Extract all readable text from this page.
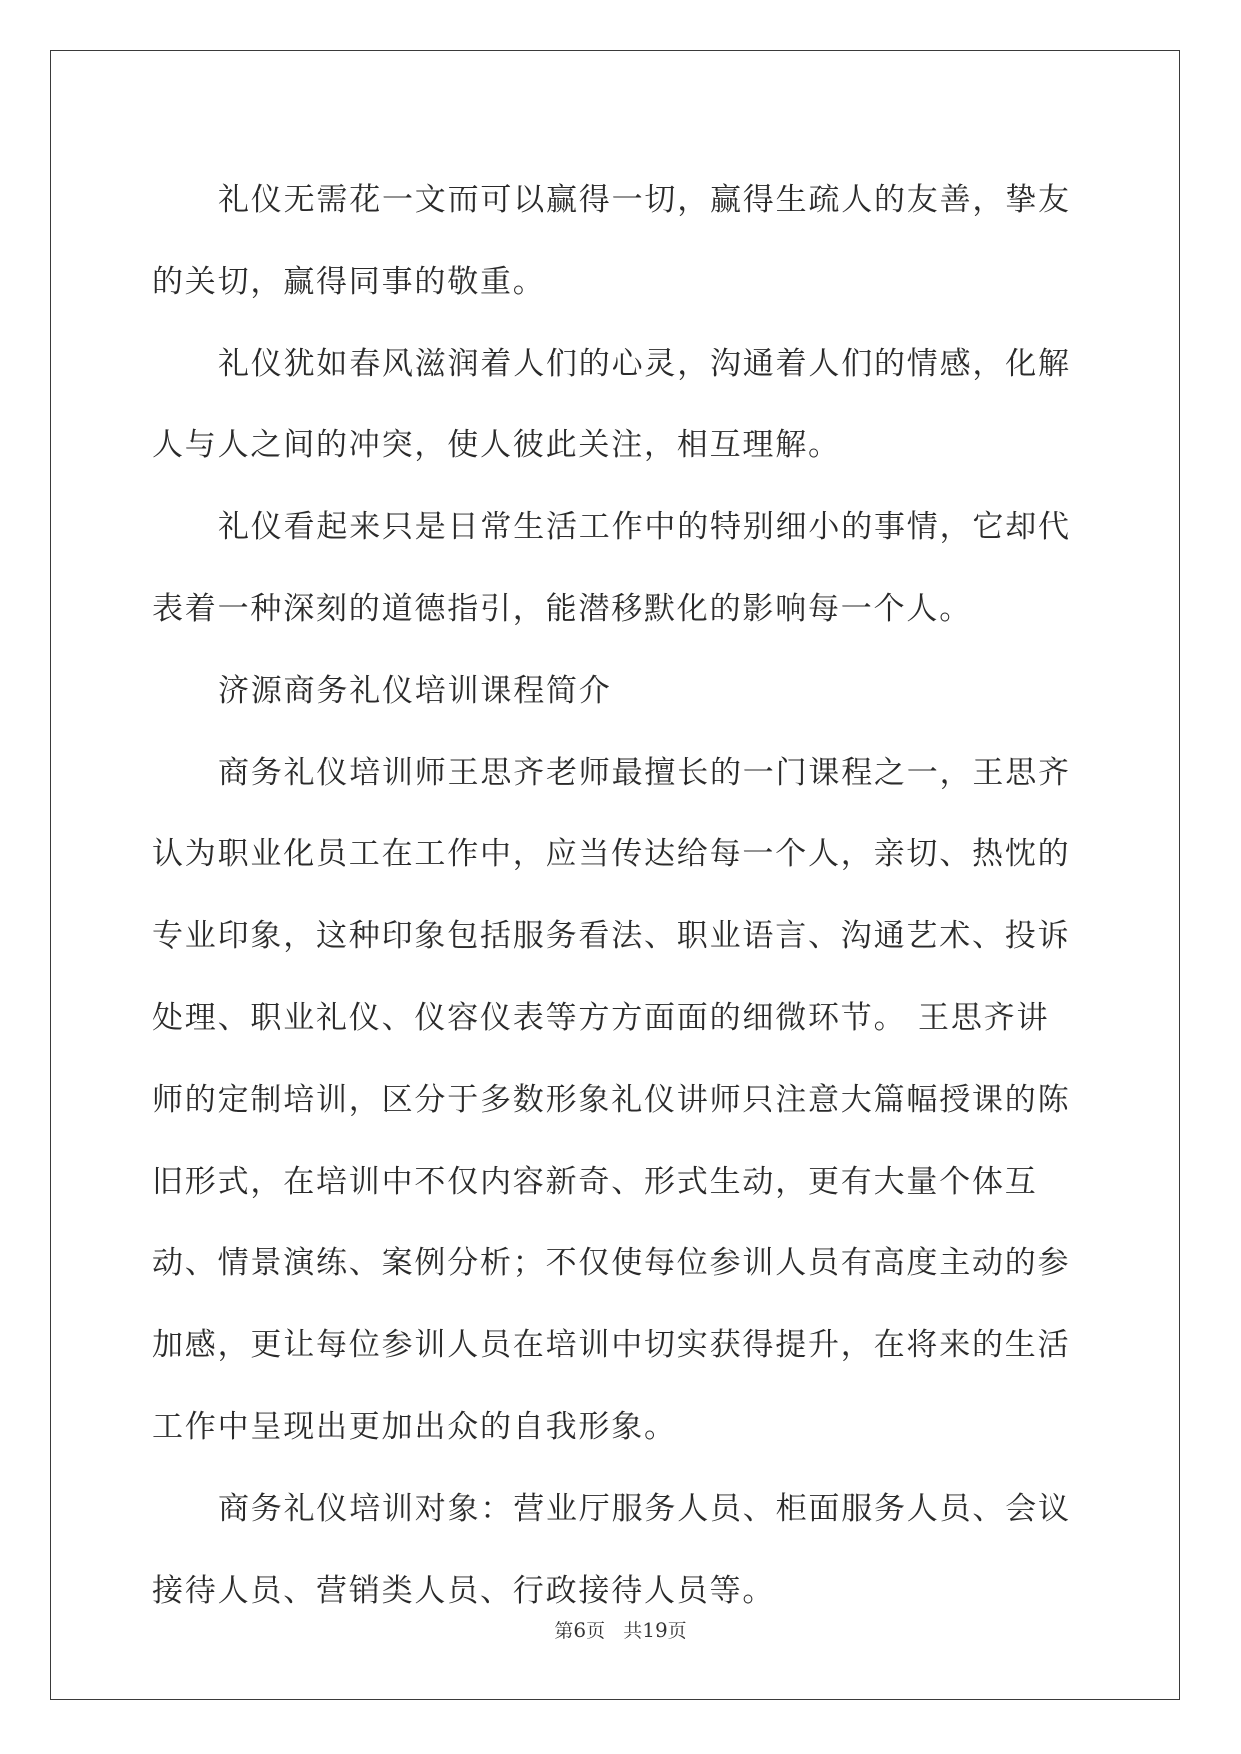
礼仪无需花一文而可以赢得一切，赢得生疏人的友善，挚友的关切，赢得同事的敬重。

礼仪犹如春风滋润着人们的心灵，沟通着人们的情感，化解人与人之间的冲突，使人彼此关注，相互理解。

礼仪看起来只是日常生活工作中的特别细小的事情，它却代表着一种深刻的道德指引，能潜移默化的影响每一个人。

济源商务礼仪培训课程简介

商务礼仪培训师王思齐老师最擅长的一门课程之一，王思齐认为职业化员工在工作中，应当传达给每一个人，亲切、热忱的专业印象，这种印象包括服务看法、职业语言、沟通艺术、投诉处理、职业礼仪、仪容仪表等方方面面的细微环节。 王思齐讲师的定制培训，区分于多数形象礼仪讲师只注意大篇幅授课的陈旧形式，在培训中不仅内容新奇、形式生动，更有大量个体互动、情景演练、案例分析；不仅使每位参训人员有高度主动的参加感，更让每位参训人员在培训中切实获得提升，在将来的生活工作中呈现出更加出众的自我形象。

商务礼仪培训对象：营业厅服务人员、柜面服务人员、会议接待人员、营销类人员、行政接待人员等。

第6页 共19页
